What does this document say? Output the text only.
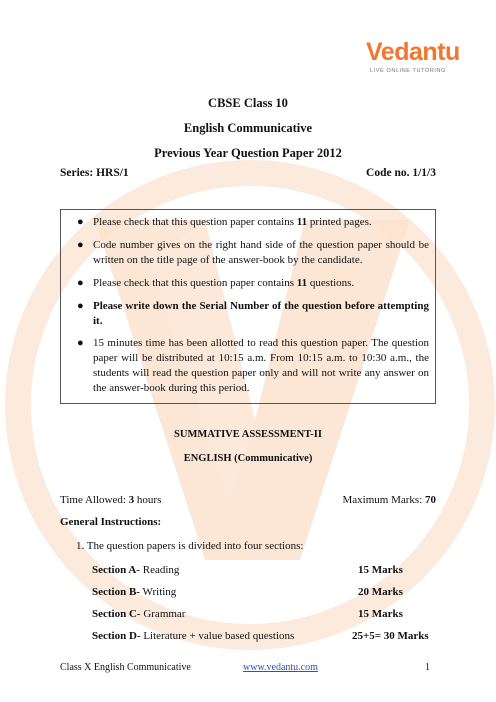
Vedantu
LIVE ONLINE TUTORING
CBSE Class 10
English Communicative
Previous Year Question Paper 2012
Series: HRS/1	Code no. 1/1/3
● Please check that this question paper contains 11 printed pages.
● Code number gives on the right hand side of the question paper should be written on the title page of the answer-book by the candidate.
● Please check that this question paper contains 11 questions.
● Please write down the Serial Number of the question before attempting it.
● 15 minutes time has been allotted to read this question paper. The question paper will be distributed at 10:15 a.m. From 10:15 a.m. to 10:30 a.m., the students will read the question paper only and will not write any answer on the answer-book during this period.
SUMMATIVE ASSESSMENT-II
ENGLISH (Communicative)
Time Allowed: 3 hours	Maximum Marks: 70
General Instructions:
1. The question papers is divided into four sections:
Section A- Reading	15 Marks
Section B- Writing	20 Marks
Section C- Grammar	15 Marks
Section D- Literature + value based questions	25+5= 30 Marks
Class X English Communicative	www.vedantu.com	1
